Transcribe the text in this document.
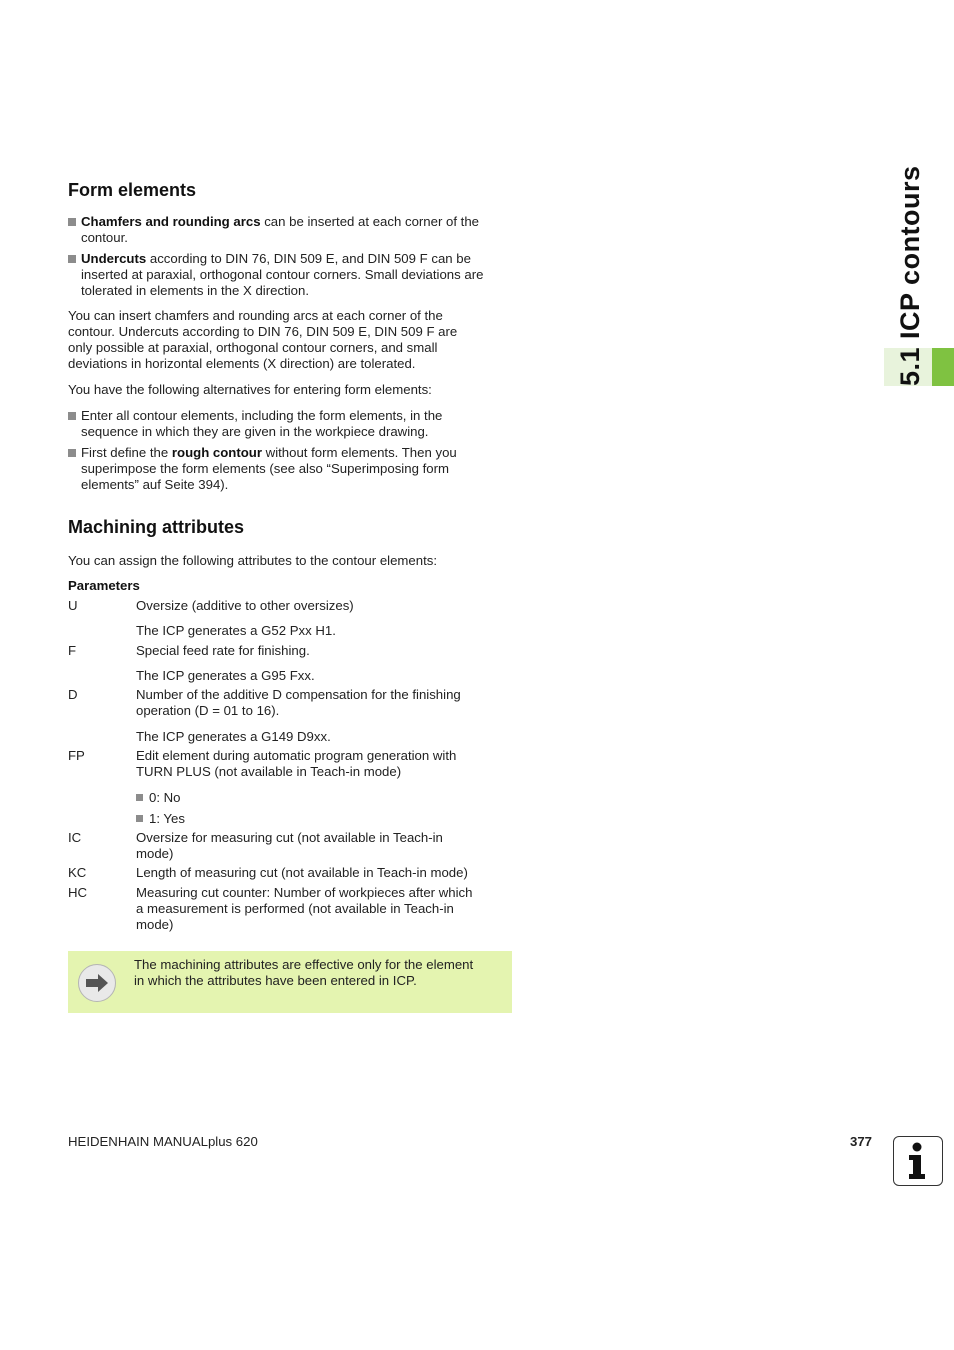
5.1 ICP contours
Form elements
Chamfers and rounding arcs can be inserted at each corner of the
contour.
Undercuts according to DIN 76, DIN 509 E, and DIN 509 F can be
inserted at paraxial, orthogonal contour corners. Small deviations are
tolerated in elements in the X direction.
You can insert chamfers and rounding arcs at each corner of the
contour. Undercuts according to DIN 76, DIN 509 E, DIN 509 F are
only possible at paraxial, orthogonal contour corners, and small
deviations in horizontal elements (X direction) are tolerated.
You have the following alternatives for entering form elements:
Enter all contour elements, including the form elements, in the
sequence in which they are given in the workpiece drawing.
First define the rough contour without form elements. Then you
superimpose the form elements (see also “Superimposing form
elements” auf Seite 394).
Machining attributes
You can assign the following attributes to the contour elements:
Parameters
U	Oversize (additive to other oversizes)
The ICP generates a G52 Pxx H1.
F	Special feed rate for finishing.
The ICP generates a G95 Fxx.
D	Number of the additive D compensation for the finishing
operation (D = 01 to 16).
The ICP generates a G149 D9xx.
FP	Edit element during automatic program generation with
TURN PLUS (not available in Teach-in mode)
0: No
1: Yes
IC	Oversize for measuring cut (not available in Teach-in
mode)
KC	Length of measuring cut (not available in Teach-in mode)
HC	Measuring cut counter: Number of workpieces after which
a measurement is performed (not available in Teach-in
mode)
The machining attributes are effective only for the element
in which the attributes have been entered in ICP.
HEIDENHAIN MANUALplus 620	377
